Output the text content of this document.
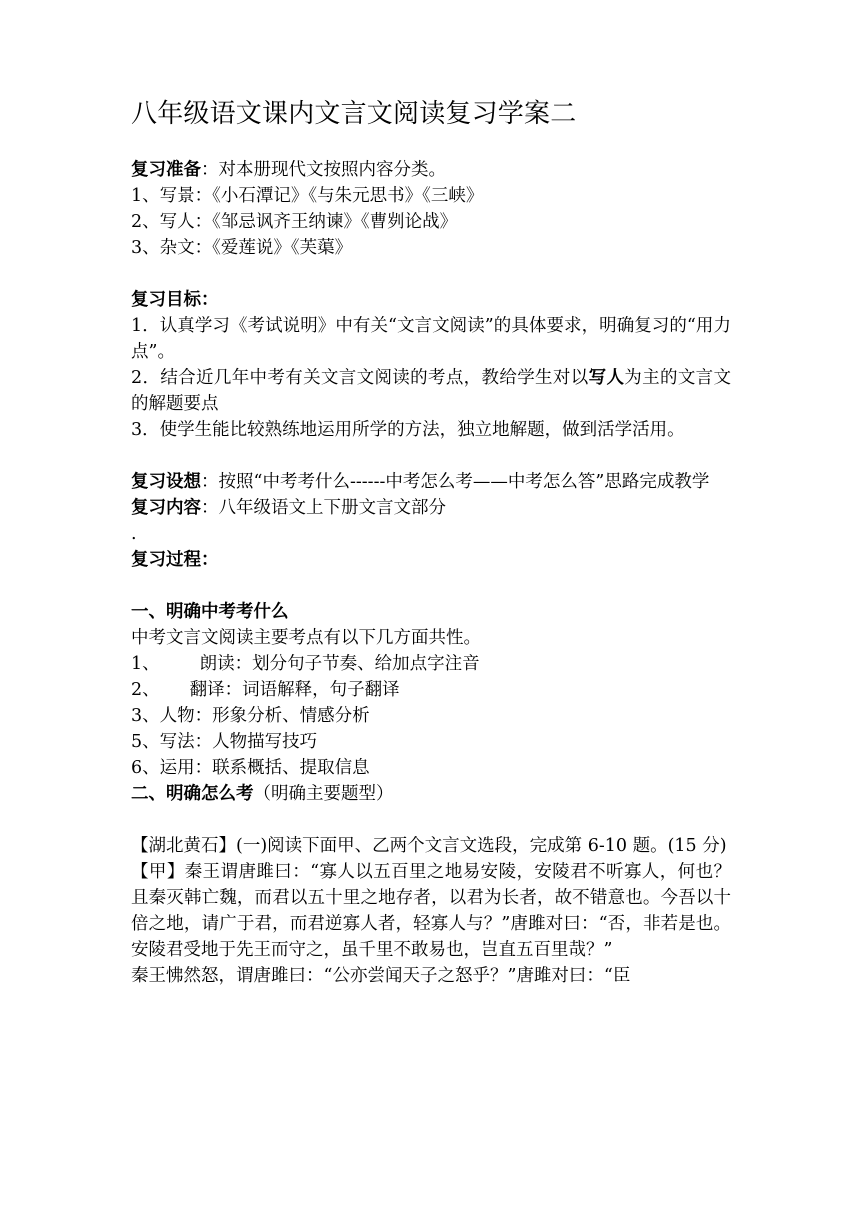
八年级语文课内文言文阅读复习学案二
复习准备：对本册现代文按照内容分类。
1、写景：《小石潭记》《与朱元思书》《三峡》
2、写人：《邹忌讽齐王纳谏》《曹刿论战》
3、杂文：《爱莲说》《芙蕖》
复习目标：
1．认真学习《考试说明》中有关“文言文阅读”的具体要求，明确复习的“用力点”。
2．结合近几年中考有关文言文阅读的考点，教给学生对以写人为主的文言文的解题要点
3．使学生能比较熟练地运用所学的方法，独立地解题，做到活学活用。
复习设想：按照“中考考什么------中考怎么考——中考怎么答”思路完成教学
复习内容：八年级语文上下册文言文部分
.
复习过程：
一、明确中考考什么
中考文言文阅读主要考点有以下几方面共性。
1、 朗读：划分句子节奏、给加点字注音
2、 翻译：词语解释，句子翻译
3、人物：形象分析、情感分析
5、写法：人物描写技巧
6、运用：联系概括、提取信息
二、明确怎么考（明确主要题型）
【湖北黄石】(一)阅读下面甲、乙两个文言文选段，完成第 6-10 题。(15 分)
【甲】秦王谓唐雎曰：“寡人以五百里之地易安陵，安陵君不听寡人，何也？且秦灭韩亡魏，而君以五十里之地存者，以君为长者，故不错意也。今吾以十倍之地，请广于君，而君逆寡人者，轻寡人与？”唐雎对曰：“否，非若是也。安陵君受地于先王而守之，虽千里不敢易也，岂直五百里哉？”
秦王怫然怒，谓唐雎曰：“公亦尝闻天子之怒乎？”唐雎对曰：“臣
